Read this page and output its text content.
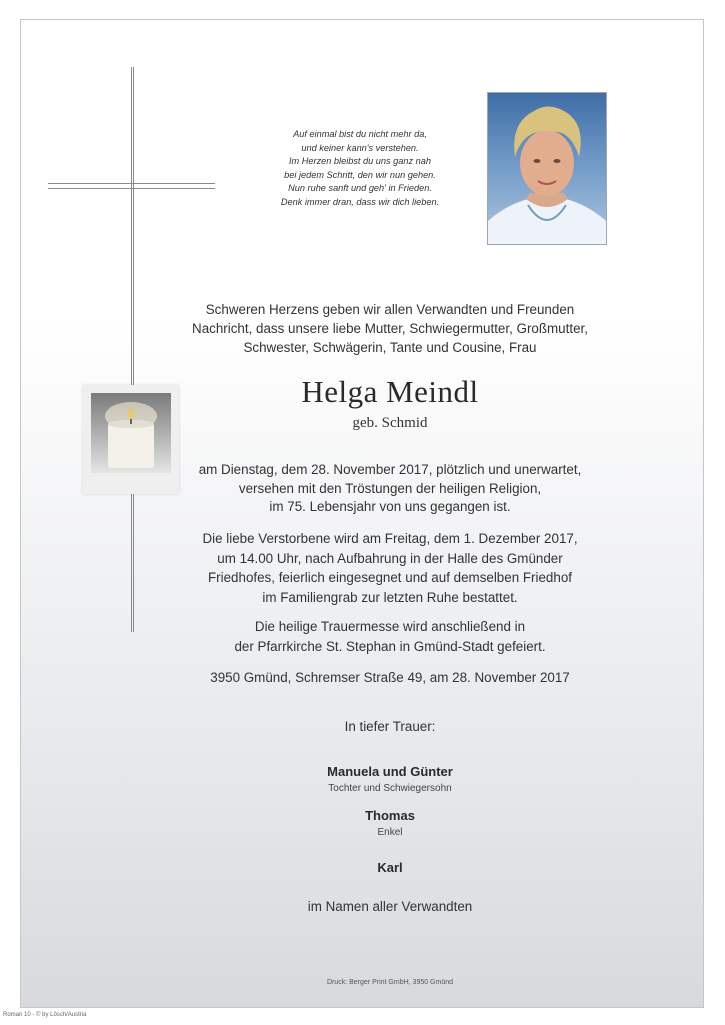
Auf einmal bist du nicht mehr da,
und keiner kann's verstehen.
Im Herzen bleibst du uns ganz nah
bei jedem Schritt, den wir nun gehen.
Nun ruhe sanft und geh' in Frieden.
Denk immer dran, dass wir dich lieben.
Schweren Herzens geben wir allen Verwandten und Freunden
Nachricht, dass unsere liebe Mutter, Schwiegermutter, Großmutter,
Schwester, Schwägerin, Tante und Cousine, Frau
Helga Meindl
geb. Schmid
am Dienstag, dem 28. November 2017, plötzlich und unerwartet,
versehen mit den Tröstungen der heiligen Religion,
im 75. Lebensjahr von uns gegangen ist.
Die liebe Verstorbene wird am Freitag, dem 1. Dezember 2017,
um 14.00 Uhr, nach Aufbahrung in der Halle des Gmünder
Friedhofes, feierlich eingesegnet und auf demselben Friedhof
im Familiengrab zur letzten Ruhe bestattet.
Die heilige Trauermesse wird anschließend in
der Pfarrkirche St. Stephan in Gmünd-Stadt gefeiert.
3950 Gmünd, Schremser Straße 49, am 28. November 2017
In tiefer Trauer:
Manuela und Günter
Tochter und Schwiegersohn
Thomas
Enkel
Karl
im Namen aller Verwandten
Druck: Berger Print GmbH, 3950 Gmünd
Roman 10 - © by Lösch/Austria
